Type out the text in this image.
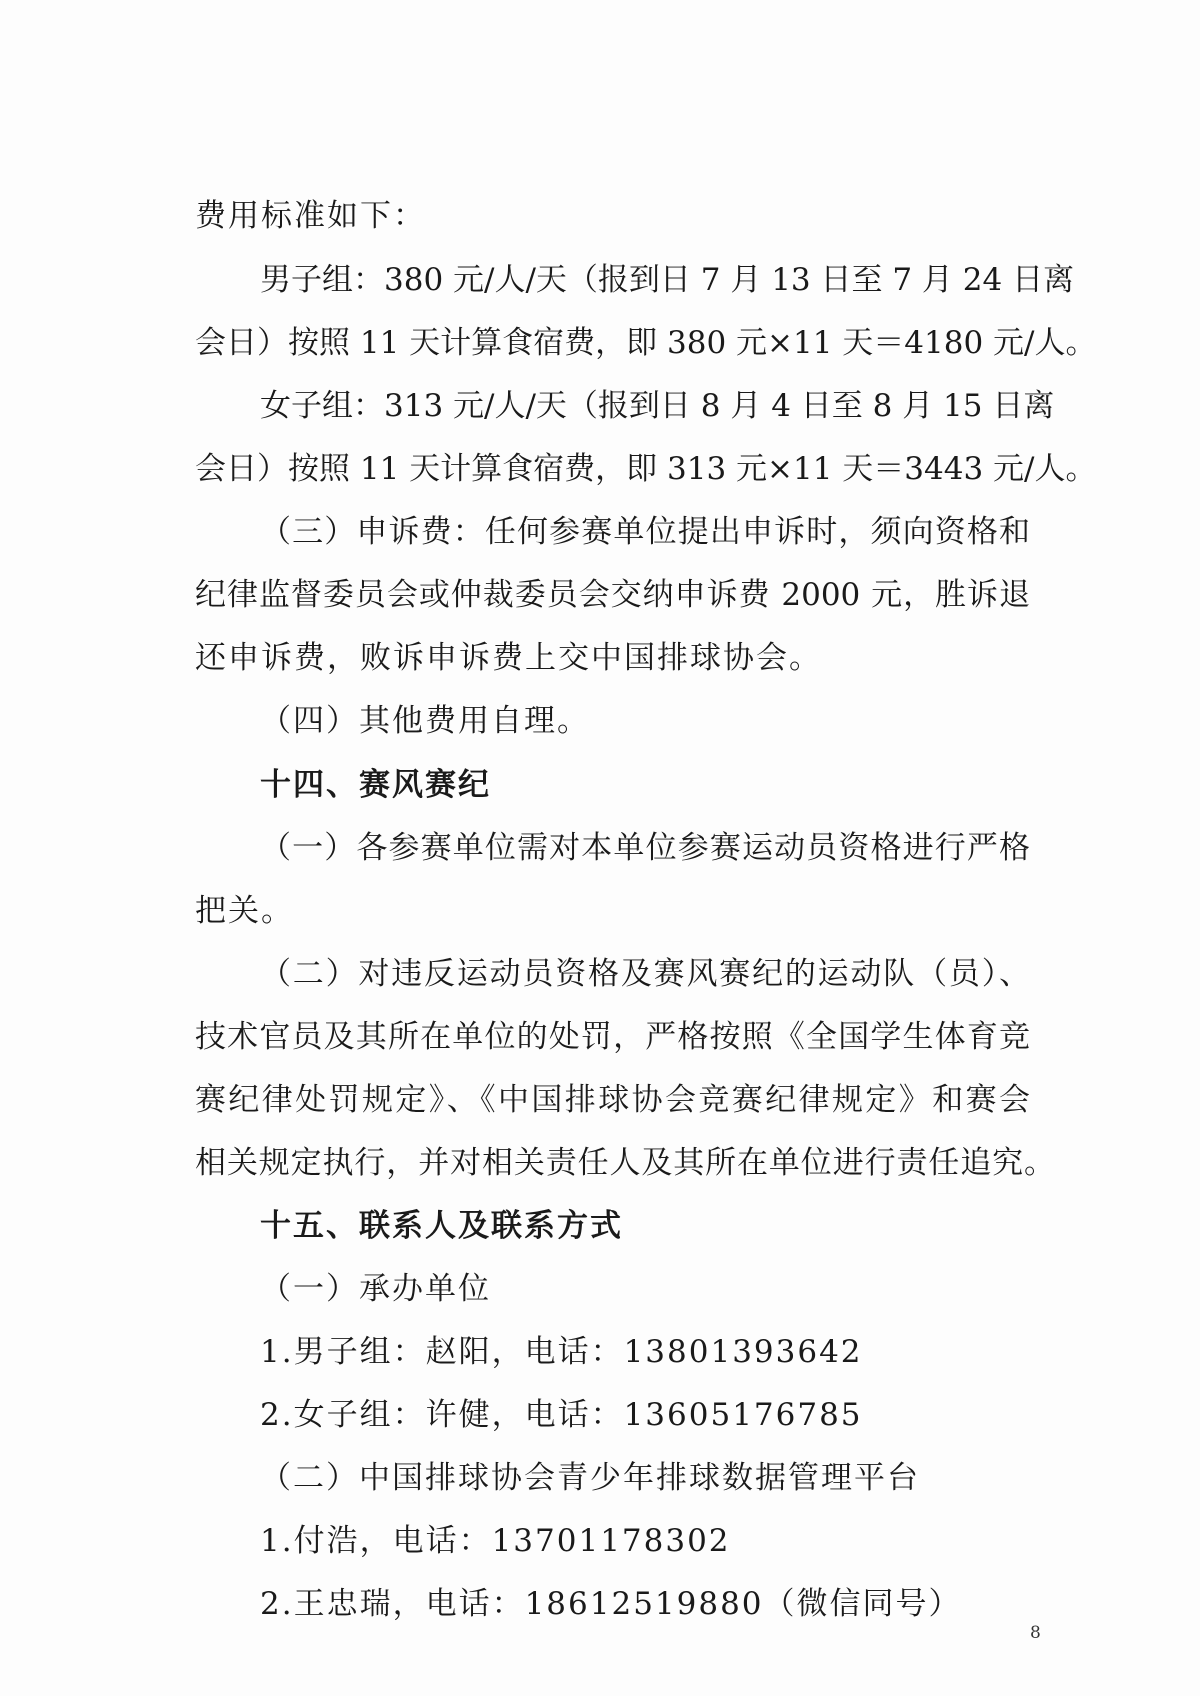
费用标准如下：
男子组：380 元/人/天（报到日 7 月 13 日至 7 月 24 日离
会日）按照 11 天计算食宿费，即 380 元×11 天＝4180 元/人。
女子组：313 元/人/天（报到日 8 月 4 日至 8 月 15 日离
会日）按照 11 天计算食宿费，即 313 元×11 天＝3443 元/人。
（三）申诉费：任何参赛单位提出申诉时，须向资格和
纪律监督委员会或仲裁委员会交纳申诉费 2000 元，胜诉退
还申诉费，败诉申诉费上交中国排球协会。
（四）其他费用自理。
十四、赛风赛纪
（一）各参赛单位需对本单位参赛运动员资格进行严格
把关。
（二）对违反运动员资格及赛风赛纪的运动队（员）、
技术官员及其所在单位的处罚，严格按照《全国学生体育竞
赛纪律处罚规定》、《中国排球协会竞赛纪律规定》和赛会
相关规定执行，并对相关责任人及其所在单位进行责任追究。
十五、联系人及联系方式
（一）承办单位
1.男子组：赵阳，电话：13801393642
2.女子组：许健，电话：13605176785
（二）中国排球协会青少年排球数据管理平台
1.付浩，电话：13701178302
2.王忠瑞，电话：18612519880（微信同号）
8
